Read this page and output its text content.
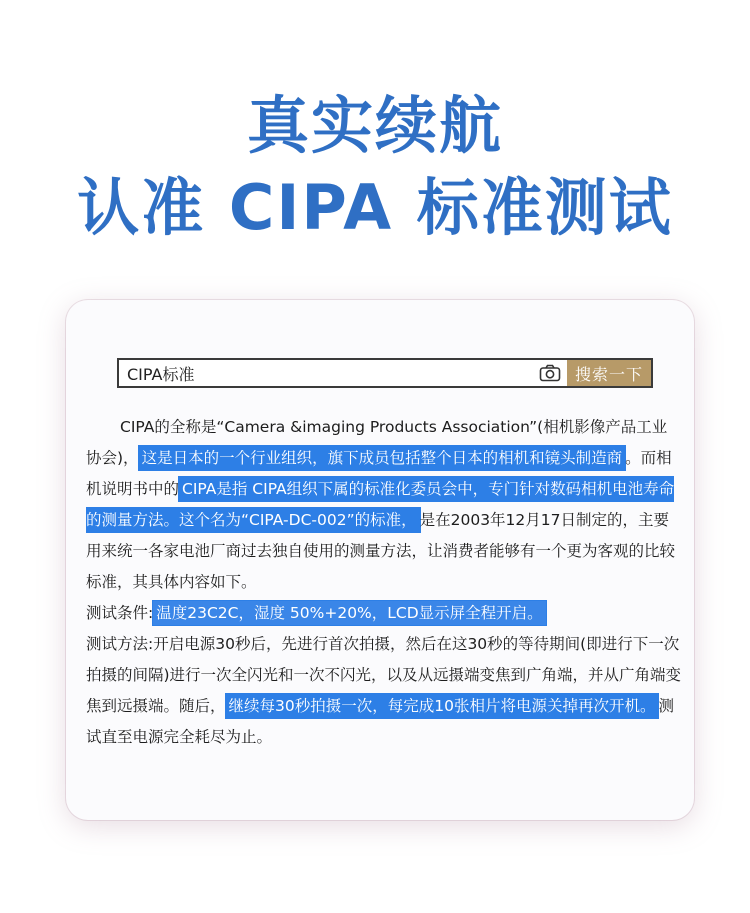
真实续航
认准 CIPA 标准测试
CIPA标准	搜索一下

CIPA的全称是“Camera &imaging Products Association”(相机影像产品工业协会)， 这是日本的一个行业组织，旗下成员包括整个日本的相机和镜头制造商 。而相机说明书中的 CIPA是指 CIPA组织下属的标准化委员会中，专门针对数码相机电池寿命的测量方法。这个名为“CIPA-DC-002”的标准， 是在2003年12月17日制定的，主要用来统一各家电池厂商过去独自使用的测量方法，让消费者能够有一个更为客观的比较标准，其具体内容如下。

测试条件: 温度23C2C，湿度 50%+20%，LCD显示屏全程开启。

测试方法:开启电源30秒后，先进行首次拍摄，然后在这30秒的等待期间(即进行下一次拍摄的间隔)进行一次全闪光和一次不闪光，以及从远摄端变焦到广角端，并从广角端变焦到远摄端。随后， 继续每30秒拍摄一次，每完成10张相片将电源关掉再次开机。 测试直至电源完全耗尽为止。
